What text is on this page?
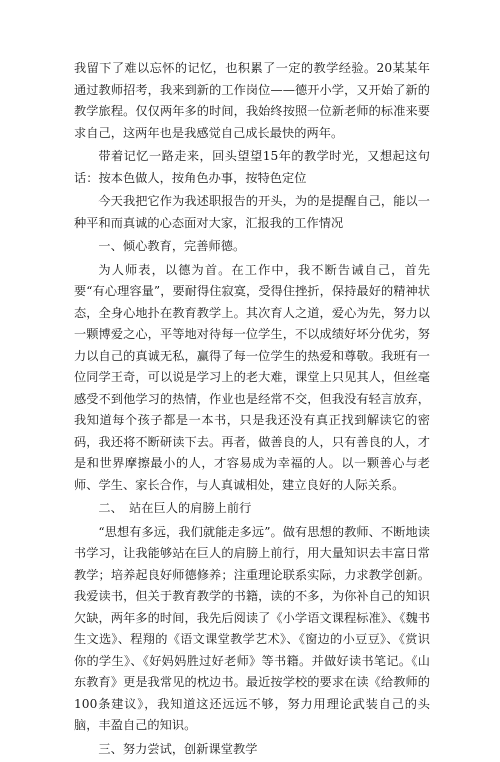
我留下了难以忘怀的记忆，也积累了一定的教学经验。20某某年通过教师招考，我来到新的工作岗位——德开小学，又开始了新的教学旅程。仅仅两年多的时间，我始终按照一位新老师的标准来要求自己，这两年也是我感觉自己成长最快的两年。

带着记忆一路走来，回头望望15年的教学时光，又想起这句话：按本色做人，按角色办事，按特色定位

今天我把它作为我述职报告的开头，为的是提醒自己，能以一种平和而真诚的心态面对大家，汇报我的工作情况

一、倾心教育，完善师德。

为人师表，以德为首。在工作中，我不断告诫自己，首先要“有心理容量”，要耐得住寂寞，受得住挫折，保持最好的精神状态，全身心地扑在教育教学上。其次育人之道，爱心为先，努力以一颗博爱之心，平等地对待每一位学生，不以成绩好坏分优劣，努力以自己的真诚无私，赢得了每一位学生的热爱和尊敬。我班有一位同学王奇，可以说是学习上的老大难，课堂上只见其人，但丝毫感受不到他学习的热情，作业也是经常不交，但我没有轻言放弃，我知道每个孩子都是一本书，只是我还没有真正找到解读它的密码，我还将不断研读下去。再者，做善良的人，只有善良的人，才是和世界摩擦最小的人，才容易成为幸福的人。以一颗善心与老师、学生、家长合作，与人真诚相处，建立良好的人际关系。

二、　站在巨人的肩膀上前行

“思想有多远，我们就能走多远”。做有思想的教师、不断地读书学习，让我能够站在巨人的肩膀上前行，用大量知识去丰富日常教学；培养起良好师德修养；注重理论联系实际，力求教学创新。我爱读书，但关于教育教学的书籍，读的不多，为你补自己的知识欠缺，两年多的时间，我先后阅读了《小学语文课程标准》、《魏书生文选》、程翔的《语文课堂教学艺术》、《窗边的小豆豆》、《赏识你的学生》、《好妈妈胜过好老师》等书籍。并做好读书笔记。《山东教育》更是我常见的枕边书。最近按学校的要求在读《给教师的100条建议》，我知道这还远远不够，努力用理论武装自己的头脑，丰盈自己的知识。

三、努力尝试，创新课堂教学
